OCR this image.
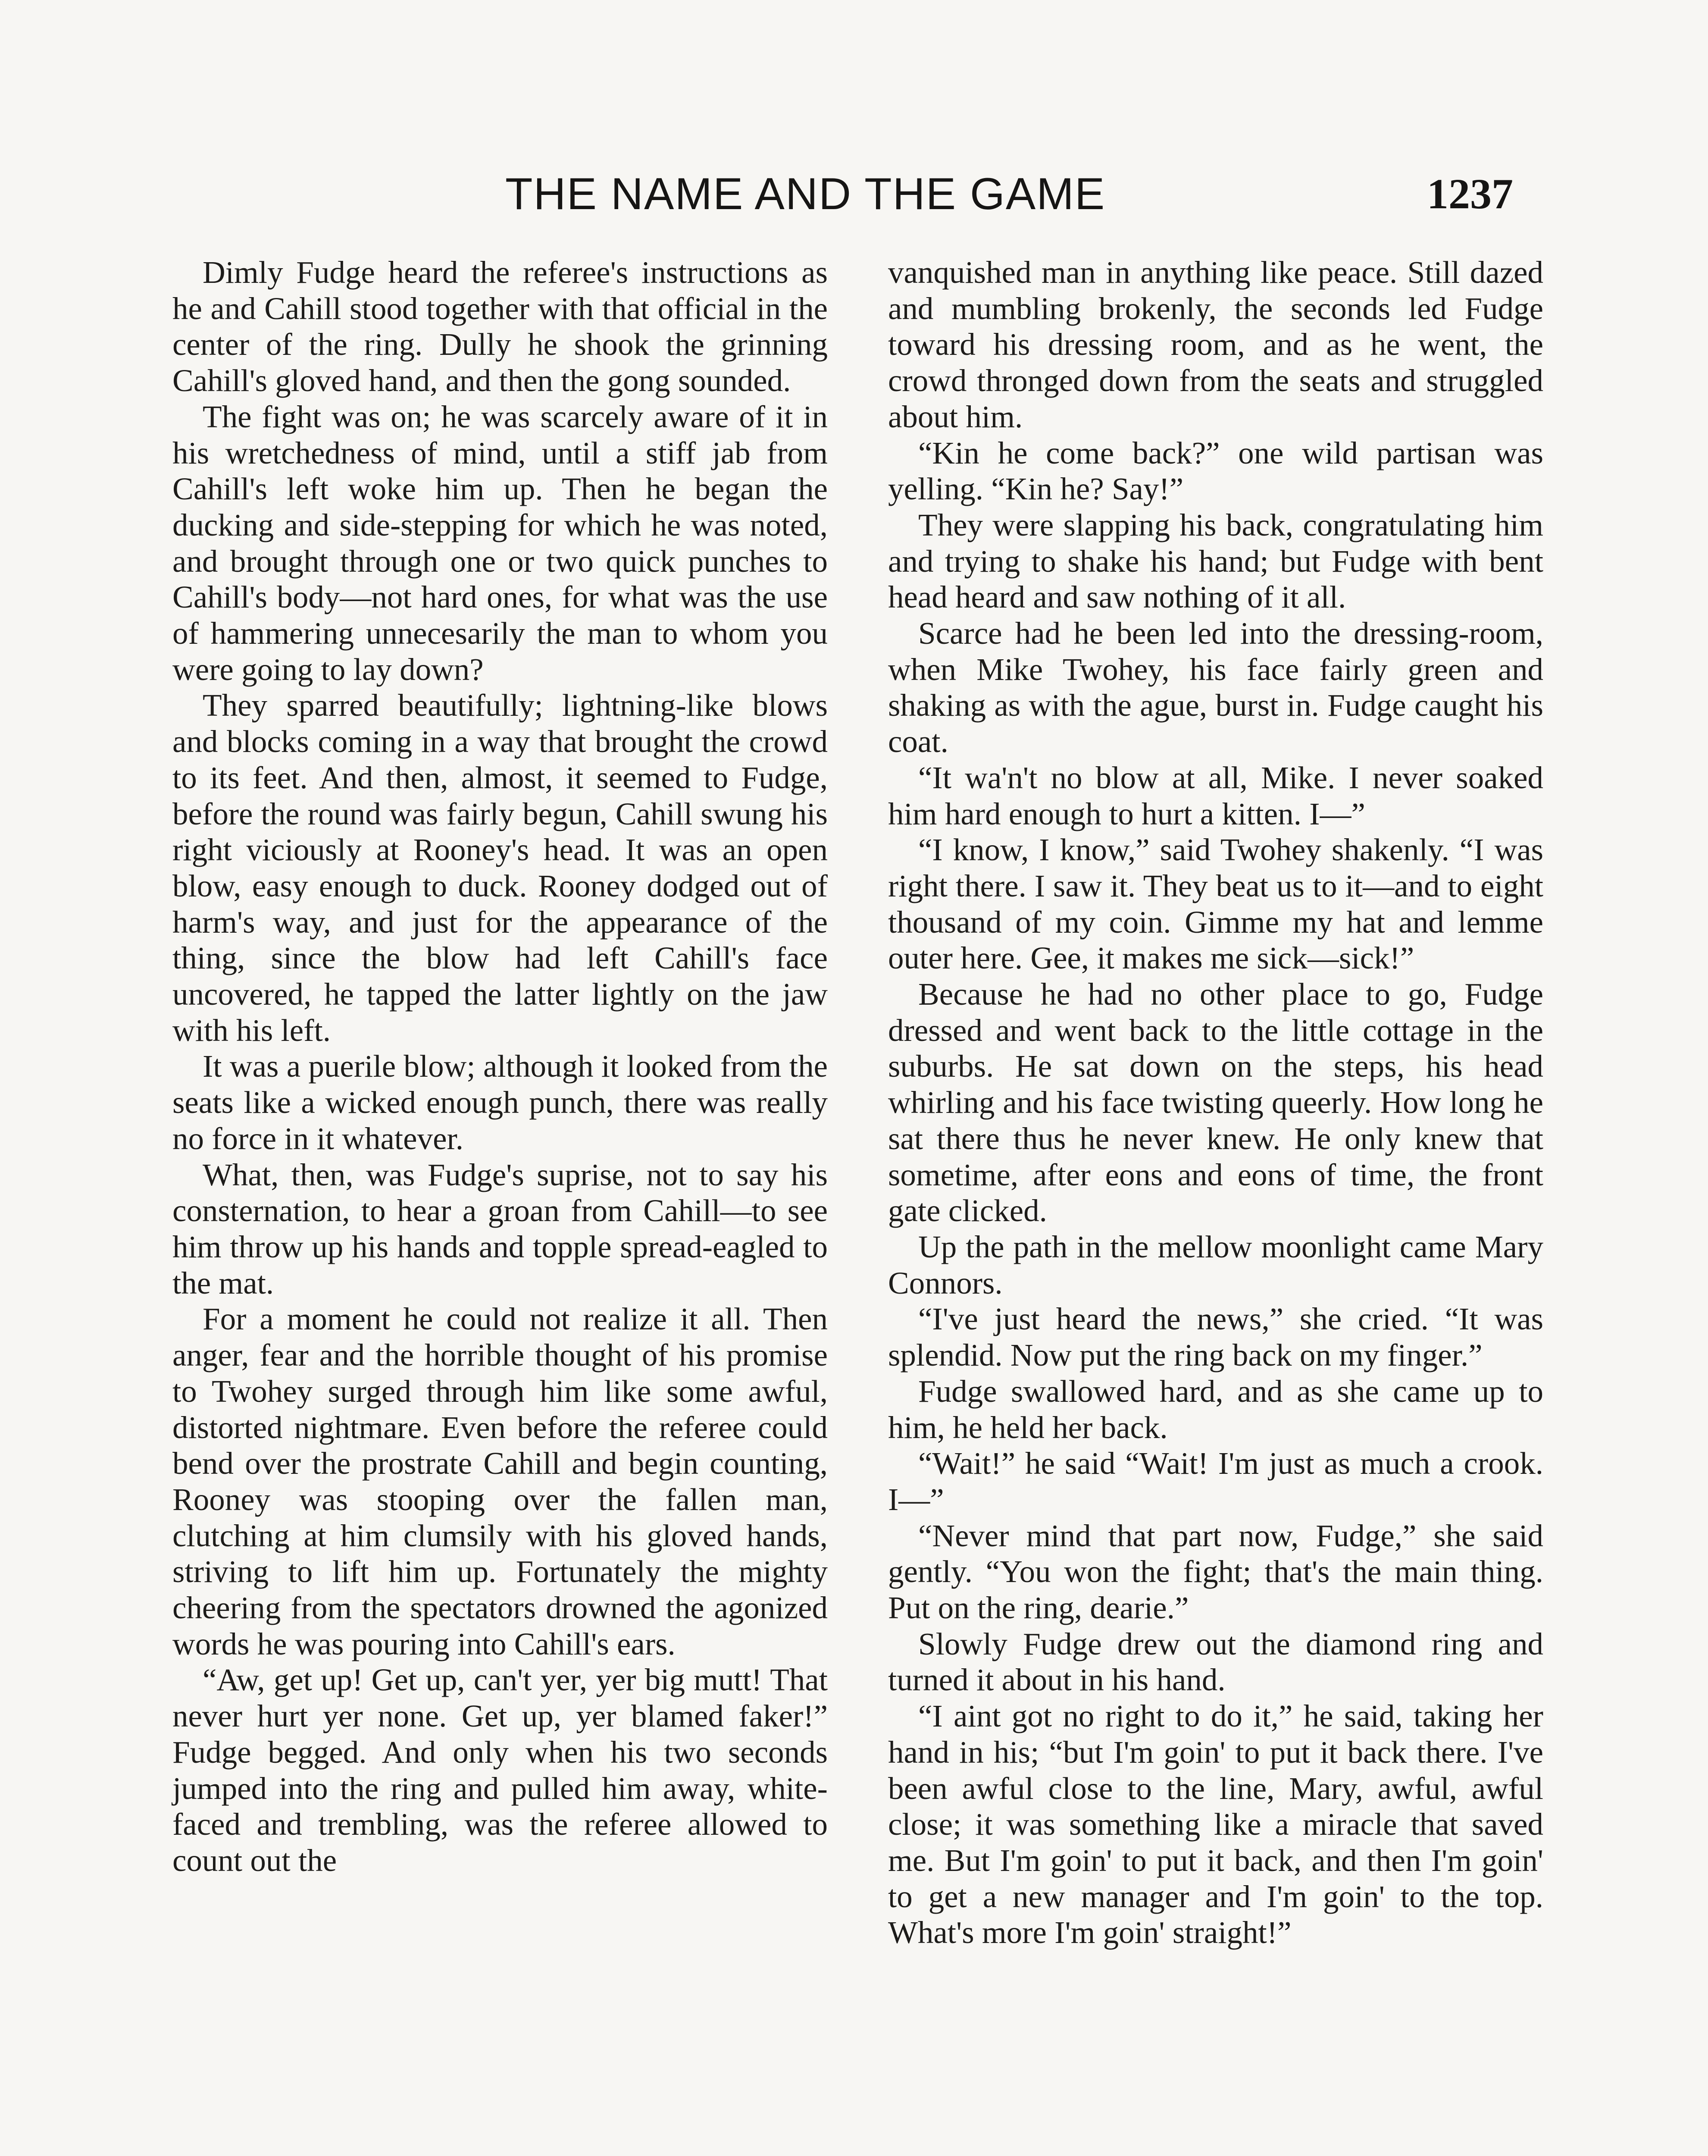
THE NAME AND THE GAME	1237

Dimly Fudge heard the referee's instructions as he and Cahill stood together with that official in the center of the ring. Dully he shook the grinning Cahill's gloved hand, and then the gong sounded.

The fight was on; he was scarcely aware of it in his wretchedness of mind, until a stiff jab from Cahill's left woke him up. Then he began the ducking and side-stepping for which he was noted, and brought through one or two quick punches to Cahill's body—not hard ones, for what was the use of hammering unnecesarily the man to whom you were going to lay down?

They sparred beautifully; lightning-like blows and blocks coming in a way that brought the crowd to its feet. And then, almost, it seemed to Fudge, before the round was fairly begun, Cahill swung his right viciously at Rooney's head. It was an open blow, easy enough to duck. Rooney dodged out of harm's way, and just for the appearance of the thing, since the blow had left Cahill's face uncovered, he tapped the latter lightly on the jaw with his left.

It was a puerile blow; although it looked from the seats like a wicked enough punch, there was really no force in it whatever.

What, then, was Fudge's suprise, not to say his consternation, to hear a groan from Cahill—to see him throw up his hands and topple spread-eagled to the mat.

For a moment he could not realize it all. Then anger, fear and the horrible thought of his promise to Twohey surged through him like some awful, distorted nightmare. Even before the referee could bend over the prostrate Cahill and begin counting, Rooney was stooping over the fallen man, clutching at him clumsily with his gloved hands, striving to lift him up. Fortunately the mighty cheering from the spectators drowned the agonized words he was pouring into Cahill's ears.

“Aw, get up! Get up, can't yer, yer big mutt! That never hurt yer none. Get up, yer blamed faker!” Fudge begged. And only when his two seconds jumped into the ring and pulled him away, white-faced and trembling, was the referee allowed to count out the

vanquished man in anything like peace. Still dazed and mumbling brokenly, the seconds led Fudge toward his dressing room, and as he went, the crowd thronged down from the seats and struggled about him.

“Kin he come back?” one wild partisan was yelling. “Kin he? Say!”

They were slapping his back, congratulating him and trying to shake his hand; but Fudge with bent head heard and saw nothing of it all.

Scarce had he been led into the dressing-room, when Mike Twohey, his face fairly green and shaking as with the ague, burst in. Fudge caught his coat.

“It wa'n't no blow at all, Mike. I never soaked him hard enough to hurt a kitten. I—”

“I know, I know,” said Twohey shakenly. “I was right there. I saw it. They beat us to it—and to eight thousand of my coin. Gimme my hat and lemme outer here. Gee, it makes me sick—sick!”

Because he had no other place to go, Fudge dressed and went back to the little cottage in the suburbs. He sat down on the steps, his head whirling and his face twisting queerly. How long he sat there thus he never knew. He only knew that sometime, after eons and eons of time, the front gate clicked.

Up the path in the mellow moonlight came Mary Connors.

“I've just heard the news,” she cried. “It was splendid. Now put the ring back on my finger.”

Fudge swallowed hard, and as she came up to him, he held her back.

“Wait!” he said “Wait! I'm just as much a crook. I—”

“Never mind that part now, Fudge,” she said gently. “You won the fight; that's the main thing. Put on the ring, dearie.”

Slowly Fudge drew out the diamond ring and turned it about in his hand.

“I aint got no right to do it,” he said, taking her hand in his; “but I'm goin' to put it back there. I've been awful close to the line, Mary, awful, awful close; it was something like a miracle that saved me. But I'm goin' to put it back, and then I'm goin' to get a new manager and I'm goin' to the top. What's more I'm goin' straight!”
